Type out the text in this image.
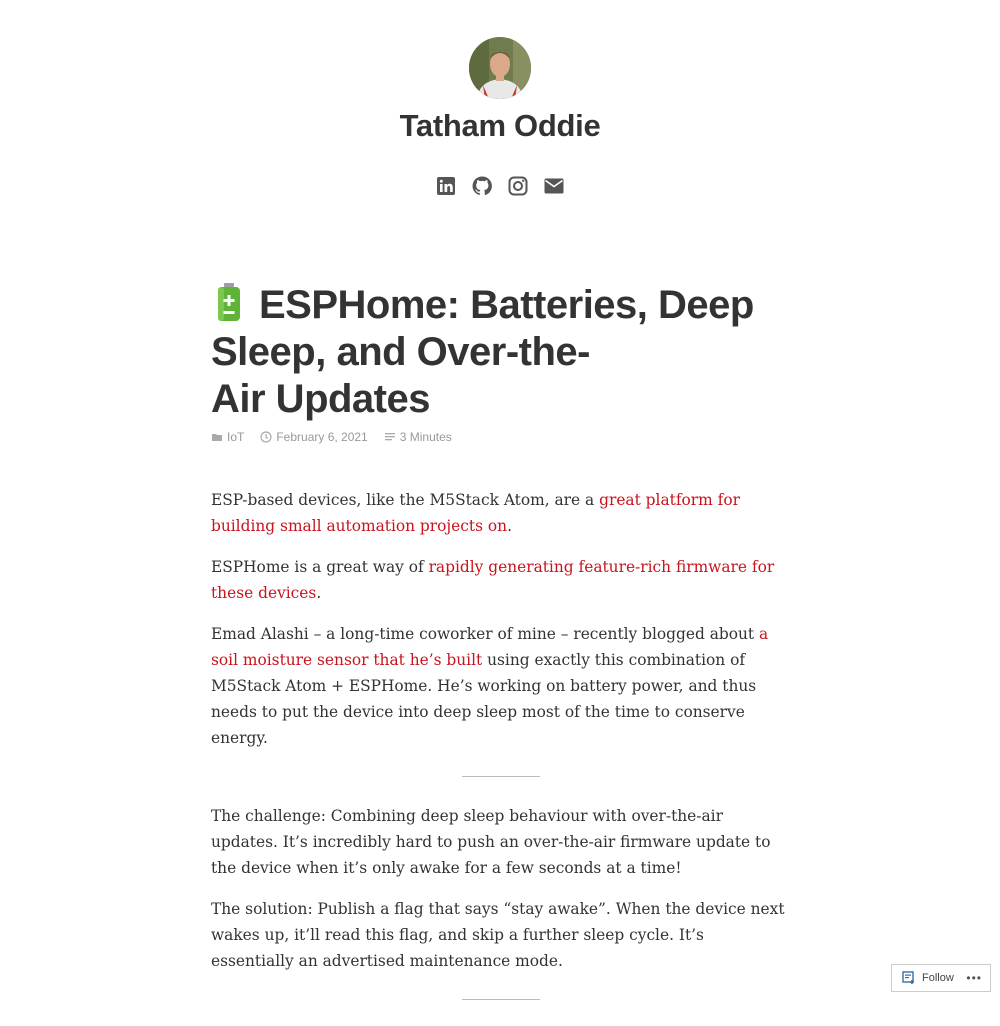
Tatham Oddie
ESPHome: Batteries, Deep
Sleep, and Over-the-
Air Updates
IoT	February 6, 2021	3 Minutes

ESP-based devices, like the M5Stack Atom, are a great platform for building small automation projects on.

ESPHome is a great way of rapidly generating feature-rich firmware for these devices.

Emad Alashi – a long-time coworker of mine – recently blogged about a soil moisture sensor that he’s built using exactly this combination of M5Stack Atom + ESPHome. He’s working on battery power, and thus needs to put the device into deep sleep most of the time to conserve energy.

The challenge: Combining deep sleep behaviour with over-the-air updates. It’s incredibly hard to push an over-the-air firmware update to the device when it’s only awake for a few seconds at a time!

The solution: Publish a flag that says “stay awake”. When the device next wakes up, it’ll read this flag, and skip a further sleep cycle. It’s essentially an advertised maintenance mode.

Follow	•••
